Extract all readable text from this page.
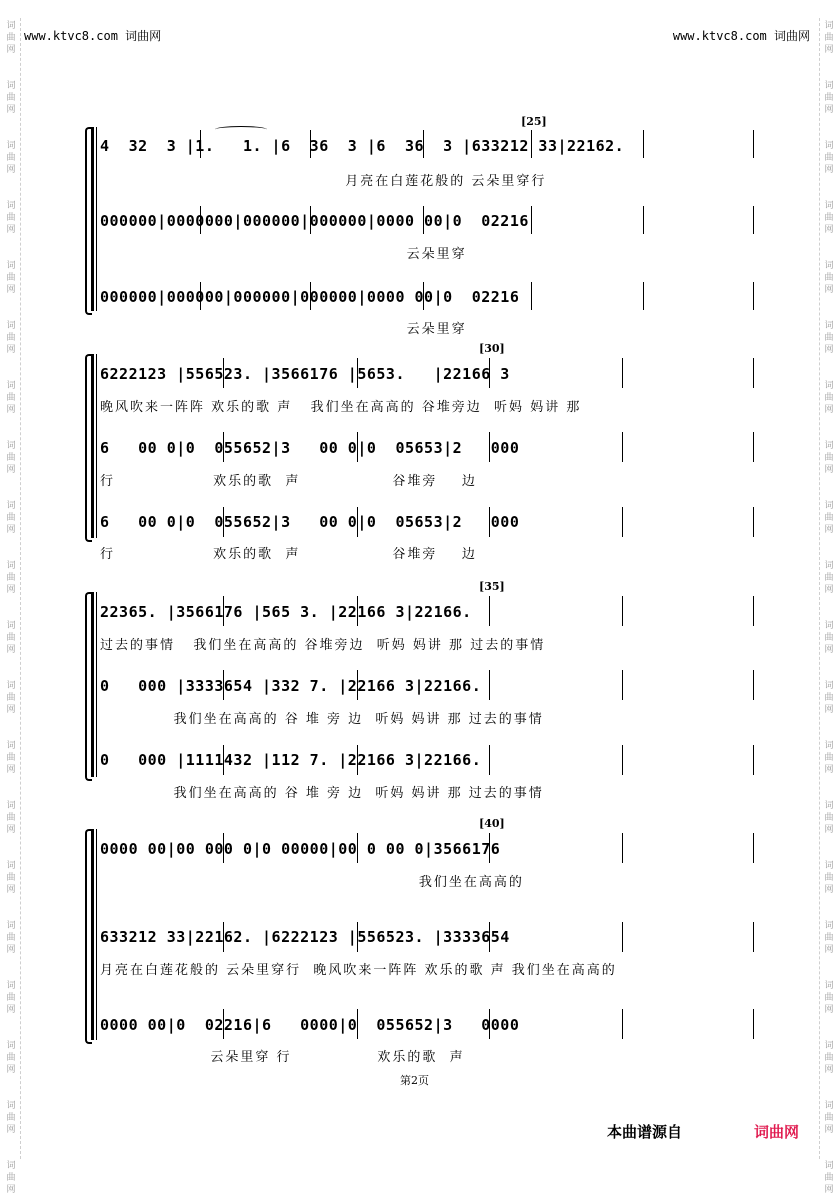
www.ktvc8.com 词曲网	www.ktvc8.com 词曲网
词曲网

词曲网

词曲网

词曲网

词曲网

词曲网

词曲网

词曲网

词曲网

词曲网

词曲网

词曲网

词曲网

词曲网

词曲网

词曲网

词曲网

词曲网

词曲网

词曲网
词曲网

词曲网

词曲网

词曲网

词曲网

词曲网

词曲网

词曲网

词曲网

词曲网

词曲网

词曲网

词曲网

词曲网

词曲网

词曲网

词曲网

词曲网

词曲网

词曲网
[25]
[30]
[35]
[40]
4  32  3 |1.   1. |6  36  3 |6  36  3 |633212 33|22162.
月亮在白莲花般的 云朵里穿行
000000|0000000|000000|000000|0000 00|0  02216
云朵里穿
000000|000000|000000|000000|0000 00|0  02216
云朵里穿
6222123 |556523. |3566176 |5653.   |22166 3
晚风吹来一阵阵 欢乐的歌 声   我们坐在高高的 谷堆旁边  听妈 妈讲 那
6   00 0|0  055652|3   00 0|0  05653|2   000
行                欢乐的歌  声               谷堆旁    边
6   00 0|0  055652|3   00 0|0  05653|2   000
行                欢乐的歌  声               谷堆旁    边
22365. |3566176 |565 3. |22166 3|22166.
过去的事情   我们坐在高高的 谷堆旁边  听妈 妈讲 那 过去的事情
0   000 |3333654 |332 7. |22166 3|22166.
我们坐在高高的 谷 堆 旁 边  听妈 妈讲 那 过去的事情
0   000 |1111432 |112 7. |22166 3|22166.
我们坐在高高的 谷 堆 旁 边  听妈 妈讲 那 过去的事情
0000 00|00 000 0|0 00000|00 0 00 0|3566176
我们坐在高高的
633212 33|22162. |6222123 |556523. |3333654
月亮在白莲花般的 云朵里穿行  晚风吹来一阵阵 欢乐的歌 声 我们坐在高高的
0000 00|0  02216|6   0000|0  055652|3   0000
云朵里穿 行              欢乐的歌  声
第2页
本曲谱源自	词曲网
